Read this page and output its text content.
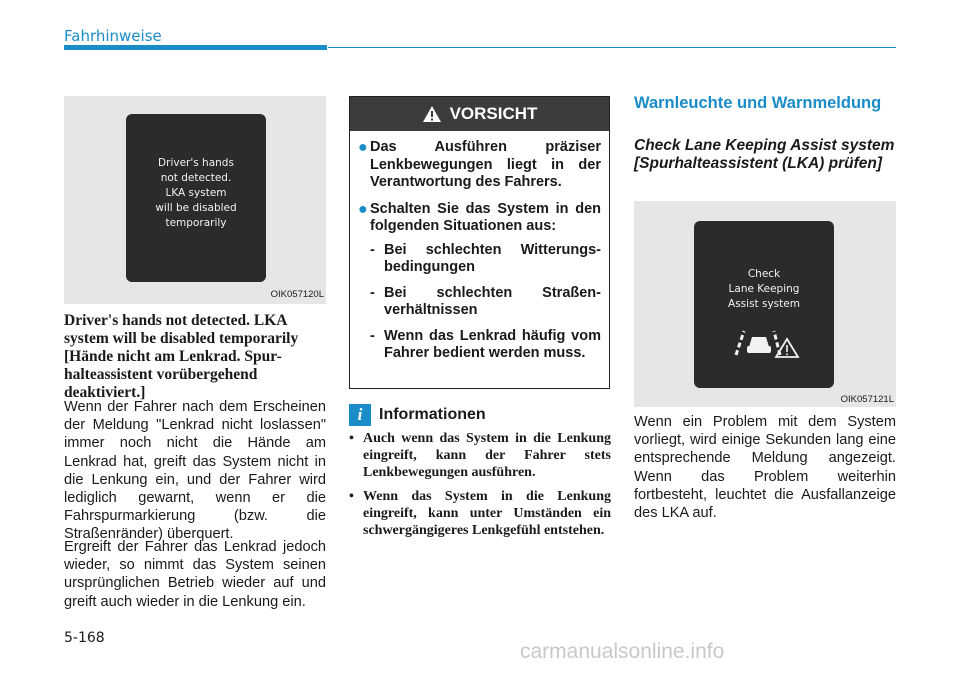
Fahrhinweise
Driver's hands
not detected.
LKA system
will be disabled
temporarily
OIK057120L
Driver's hands not detected. LKA system will be disabled temporarily [Hände nicht am Lenkrad. Spur-halteassistent vorübergehend deaktiviert.]

Wenn der Fahrer nach dem Erscheinen der Meldung "Lenkrad nicht loslassen" immer noch nicht die Hände am Lenkrad hat, greift das System nicht in die Lenkung ein, und der Fahrer wird lediglich gewarnt, wenn er die Fahrspurmarkierung (bzw. die Straßenränder) überquert.

Ergreift der Fahrer das Lenkrad jedoch wieder, so nimmt das System seinen ursprünglichen Betrieb wieder auf und greift auch wieder in die Lenkung ein.

VORSICHT
● Das Ausführen präziser Lenkbewegungen liegt in der Verantwortung des Fahrers.
● Schalten Sie das System in den folgenden Situationen aus:
- Bei schlechten Witterungs-bedingungen
- Bei schlechten Straßen-verhältnissen
- Wenn das Lenkrad häufig vom Fahrer bedient werden muss.
i	Informationen
• Auch wenn das System in die Lenkung eingreift, kann der Fahrer stets Lenkbewegungen ausführen.
• Wenn das System in die Lenkung eingreift, kann unter Umständen ein schwergängigeres Lenkgefühl entstehen.
Warnleuchte und Warnmeldung
Check Lane Keeping Assist system [Spurhalteassistent (LKA) prüfen]
Check
Lane Keeping
Assist system
OIK057121L

Wenn ein Problem mit dem System vorliegt, wird einige Sekunden lang eine entsprechende Meldung angezeigt. Wenn das Problem weiterhin fortbesteht, leuchtet die Ausfallanzeige des LKA auf.

5-168
carmanualsonline.info
